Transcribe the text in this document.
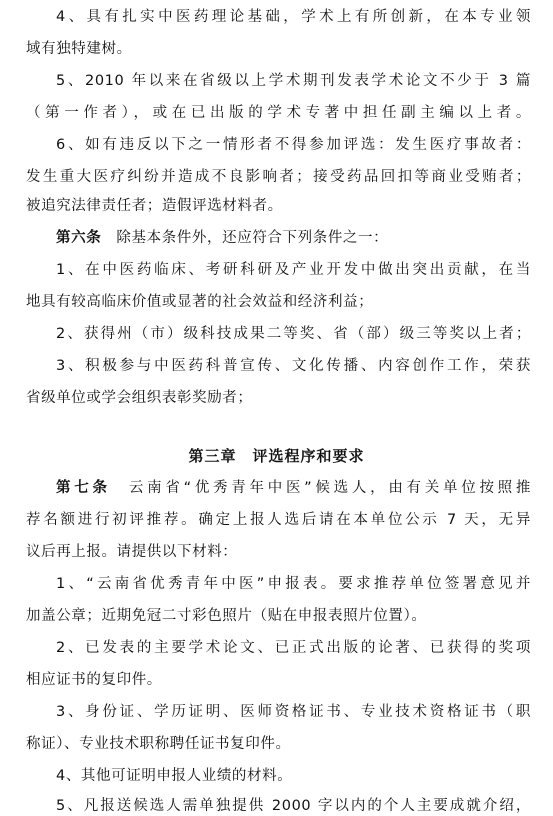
4、具有扎实中医药理论基础，学术上有所创新，在本专业领
域有独特建树。
5、2010 年以来在省级以上学术期刊发表学术论文不少于 3 篇
（第一作者），或在已出版的学术专著中担任副主编以上者。
6、如有违反以下之一情形者不得参加评选：发生医疗事故者：
发生重大医疗纠纷并造成不良影响者；接受药品回扣等商业受贿者；
被追究法律责任者；造假评选材料者。
第六条　 除基本条件外，还应符合下列条件之一：
1、在中医药临床、考研科研及产业开发中做出突出贡献，在当
地具有较高临床价值或显著的社会效益和经济利益；
2、获得州（市）级科技成果二等奖、省（部）级三等奖以上者；
3、积极参与中医药科普宣传、文化传播、内容创作工作，荣获
省级单位或学会组织表彰奖励者；
第三章　评选程序和要求
第七条　 云南省“优秀青年中医”候选人，由有关单位按照推
荐名额进行初评推荐。确定上报人选后请在本单位公示 7 天，无异
议后再上报。请提供以下材料：
1、“云南省优秀青年中医”申报表。要求推荐单位签署意见并
加盖公章；近期免冠二寸彩色照片（贴在申报表照片位置）。
2、已发表的主要学术论文、已正式出版的论著、已获得的奖项
相应证书的复印件。
3、身份证、学历证明、医师资格证书、专业技术资格证书（职
称证）、专业技术职称聘任证书复印件。
4、其他可证明申报人业绩的材料。
5、凡报送候选人需单独提供 2000 字以内的个人主要成就介绍，
